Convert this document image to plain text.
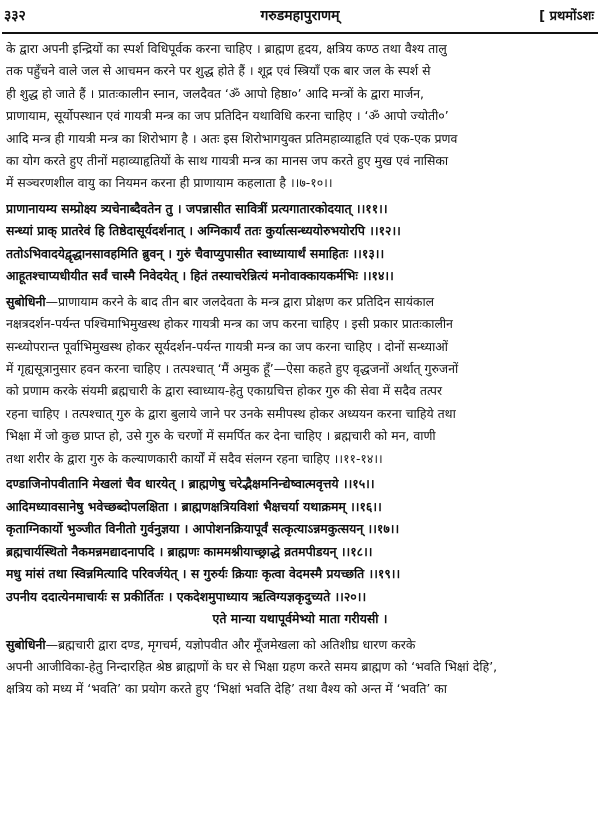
३३२	गरुडमहापुराणम्	[ प्रथमोंऽशः
के द्वारा अपनी इन्द्रियों का स्पर्श विधिपूर्वक करना चाहिए । ब्राह्मण हृदय, क्षत्रिय कण्ठ तथा वैश्य तालु
तक पहुँचने वाले जल से आचमन करने पर शुद्ध होते हैं । शूद्र एवं स्त्रियाँ एक बार जल के स्पर्श से
ही शुद्ध हो जाते हैं । प्रातःकालीन स्नान, जलदैवत ‘ॐ आपो हिष्ठा०’ आदि मन्त्रों के द्वारा मार्जन,
प्राणायाम, सूर्योपस्थान एवं गायत्री मन्त्र का जप प्रतिदिन यथाविधि करना चाहिए । ‘ॐ आपो ज्योती०’
आदि मन्त्र ही गायत्री मन्त्र का शिरोभाग है । अतः इस शिरोभागयुक्त प्रतिमहाव्याहृति एवं एक-एक प्रणव
का योग करते हुए तीनों महाव्याहृतियों के साथ गायत्री मन्त्र का मानस जप करते हुए मुख एवं नासिका
में सञ्चरणशील वायु का नियमन करना ही प्राणायाम कहलाता है ।।७-१०।।
प्राणानायम्य सम्प्रोक्ष्य त्र्यचेनाब्दैवतेन तु । जपन्नासीत सावित्रीं प्रत्यगातारकोदयात् ।।११।।
सन्ध्यां प्राक् प्रातरेवं हि तिष्ठेदासूर्यदर्शनात् । अग्निकार्यं ततः कुर्यात्सन्ध्ययोरुभयोरपि ।।१२।।
ततोऽभिवादयेद्वृद्धानसावहमिति ब्रुवन् । गुरुं चैवाप्युपासीत स्वाध्यायार्थं समाहितः ।।१३।।
आहूतश्चाप्यधीयीत सर्वं चास्मै निवेदयेत् । हितं तस्याचरेन्नित्यं मनोवाक्कायकर्मभिः ।।१४।।
सुबोधिनी—प्राणायाम करने के बाद तीन बार जलदेवता के मन्त्र द्वारा प्रोक्षण कर प्रतिदिन सायंकाल
नक्षत्रदर्शन-पर्यन्त पश्चिमाभिमुखस्थ होकर गायत्री मन्त्र का जप करना चाहिए । इसी प्रकार प्रातःकालीन
सन्ध्योपरान्त पूर्वाभिमुखस्थ होकर सूर्यदर्शन-पर्यन्त गायत्री मन्त्र का जप करना चाहिए । दोनों सन्ध्याओं
में गृह्यसूत्रानुसार हवन करना चाहिए । तत्पश्चात् ‘मैं अमुक हूँ’—ऐसा कहते हुए वृद्धजनों अर्थात् गुरुजनों
को प्रणाम करके संयमी ब्रह्मचारी के द्वारा स्वाध्याय-हेतु एकाग्रचित्त होकर गुरु की सेवा में सदैव तत्पर
रहना चाहिए । तत्पश्चात् गुरु के द्वारा बुलाये जाने पर उनके समीपस्थ होकर अध्ययन करना चाहिये तथा
भिक्षा में जो कुछ प्राप्त हो, उसे गुरु के चरणों में समर्पित कर देना चाहिए । ब्रह्मचारी को मन, वाणी
तथा शरीर के द्वारा गुरु के कल्याणकारी कार्यों में सदैव संलग्न रहना चाहिए ।।११-१४।।
दण्डाजिनोपवीतानि मेखलां चैव धारयेत् । ब्राह्मणेषु चरेद्भैक्षमनिन्द्येष्वात्मवृत्तये ।।१५।।
आदिमध्यावसानेषु भवेच्छब्दोपलक्षिता । ब्राह्मणक्षत्रियविशां भैक्षचर्या यथाक्रमम् ।।१६।।
कृताग्निकार्यो भुञ्जीत विनीतो गुर्वनुज्ञया । आपोशनक्रियापूर्वं सत्कृत्याऽन्नमकुत्सयन् ।।१७।।
ब्रह्मचार्यस्थितो नैकमन्नमद्यादनापदि । ब्राह्मणः काममश्नीयाच्छ्राद्धे व्रतमपीडयन् ।।१८।।
मधु मांसं तथा स्विन्नमित्यादि परिवर्जयेत् । स गुरुर्यः क्रियाः कृत्वा वेदमस्मै प्रयच्छति ।।१९।।
उपनीय ददात्येनमाचार्यः स प्रकीर्तितः । एकदेशमुपाध्याय ऋत्विग्यज्ञकृदुच्यते ।।२०।।
एते मान्या यथापूर्वमेभ्यो माता गरीयसी ।
सुबोधिनी—ब्रह्मचारी द्वारा दण्ड, मृगचर्म, यज्ञोपवीत और मूँजमेखला को अतिशीघ्र धारण करके
अपनी आजीविका-हेतु निन्दारहित श्रेष्ठ ब्राह्मणों के घर से भिक्षा ग्रहण करते समय ब्राह्मण को ‘भवति भिक्षां देहि’,
क्षत्रिय को मध्य में ‘भवति’ का प्रयोग करते हुए ‘भिक्षां भवति देहि’ तथा वैश्य को अन्त में ‘भवति’ का
